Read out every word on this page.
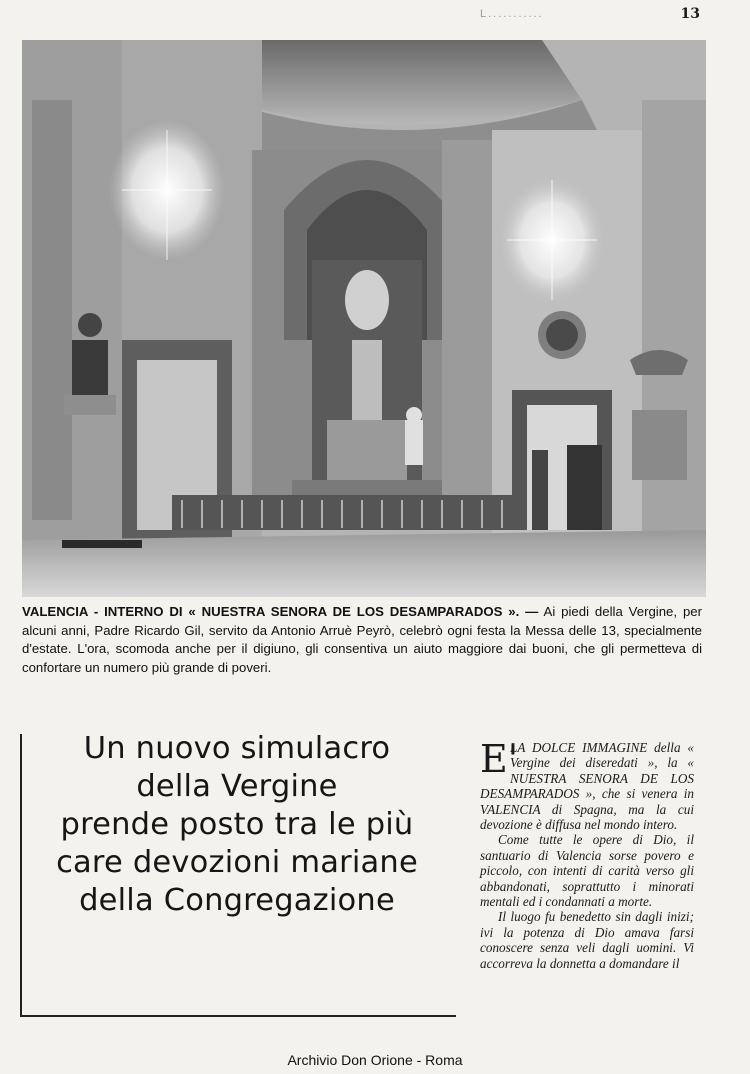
L...........	13
VALENCIA - INTERNO DI « NUESTRA SENORA DE LOS DESAMPARADOS ». — Ai piedi della Vergine, per alcuni anni, Padre Ricardo Gil, servito da Antonio Arruè Peyrò, celebrò ogni festa la Messa delle 13, specialmente d'estate. L'ora, scomoda anche per il digiuno, gli consentiva un aiuto maggiore dai buoni, che gli permetteva di confortare un numero più grande di poveri.
Un nuovo simulacro
della Vergine
prende posto tra le più
care devozioni mariane
della Congregazione

E'
LA DOLCE IMMAGINE della « Vergine dei diseredati », la « NUESTRA SENORA DE LOS DESAMPARADOS », che si venera in VALENCIA di Spagna, ma la cui devozione è diffusa nel mondo intero.

Come tutte le opere di Dio, il santuario di Valencia sorse povero e piccolo, con intenti di carità verso gli abbandonati, soprattutto i minorati mentali ed i condannati a morte.

Il luogo fu benedetto sin dagli inizi; ivi la potenza di Dio amava farsi conoscere senza veli dagli uomini. Vi accorreva la donnetta a domandare il

Archivio Don Orione - Roma
